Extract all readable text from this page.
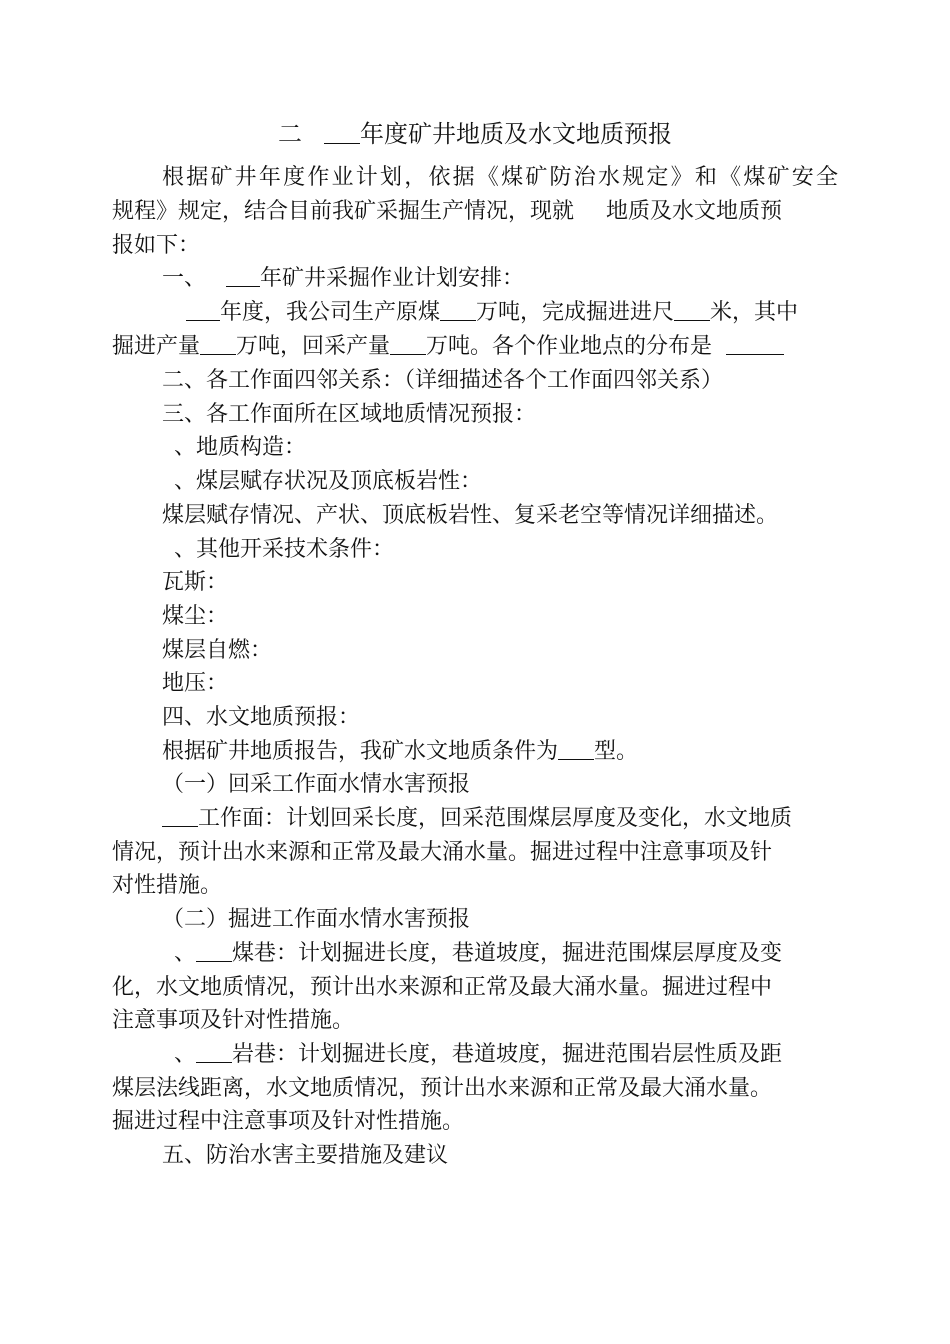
二 年度矿井地质及水文地质预报
根据矿井年度作业计划，依据《煤矿防治水规定》和《煤矿安全
规程》规定，结合目前我矿采掘生产情况，现就 地质及水文地质预
报如下：
一、 年矿井采掘作业计划安排：
年度，我公司生产原煤 万吨，完成掘进进尺 米，其中
掘进产量 万吨，回采产量 万吨。各个作业地点的分布是
二、各工作面四邻关系：（详细描述各个工作面四邻关系）
三、各工作面所在区域地质情况预报：
、地质构造：
、煤层赋存状况及顶底板岩性：
煤层赋存情况、产状、顶底板岩性、复采老空等情况详细描述。
、其他开采技术条件：
瓦斯：
煤尘：
煤层自燃：
地压：
四、水文地质预报：
根据矿井地质报告，我矿水文地质条件为 型。
（一）回采工作面水情水害预报
工作面：计划回采长度，回采范围煤层厚度及变化，水文地质
情况，预计出水来源和正常及最大涌水量。掘进过程中注意事项及针
对性措施。
（二）掘进工作面水情水害预报
、 煤巷：计划掘进长度，巷道坡度，掘进范围煤层厚度及变
化，水文地质情况，预计出水来源和正常及最大涌水量。掘进过程中
注意事项及针对性措施。
、 岩巷：计划掘进长度，巷道坡度，掘进范围岩层性质及距
煤层法线距离，水文地质情况，预计出水来源和正常及最大涌水量。
掘进过程中注意事项及针对性措施。
五、防治水害主要措施及建议
